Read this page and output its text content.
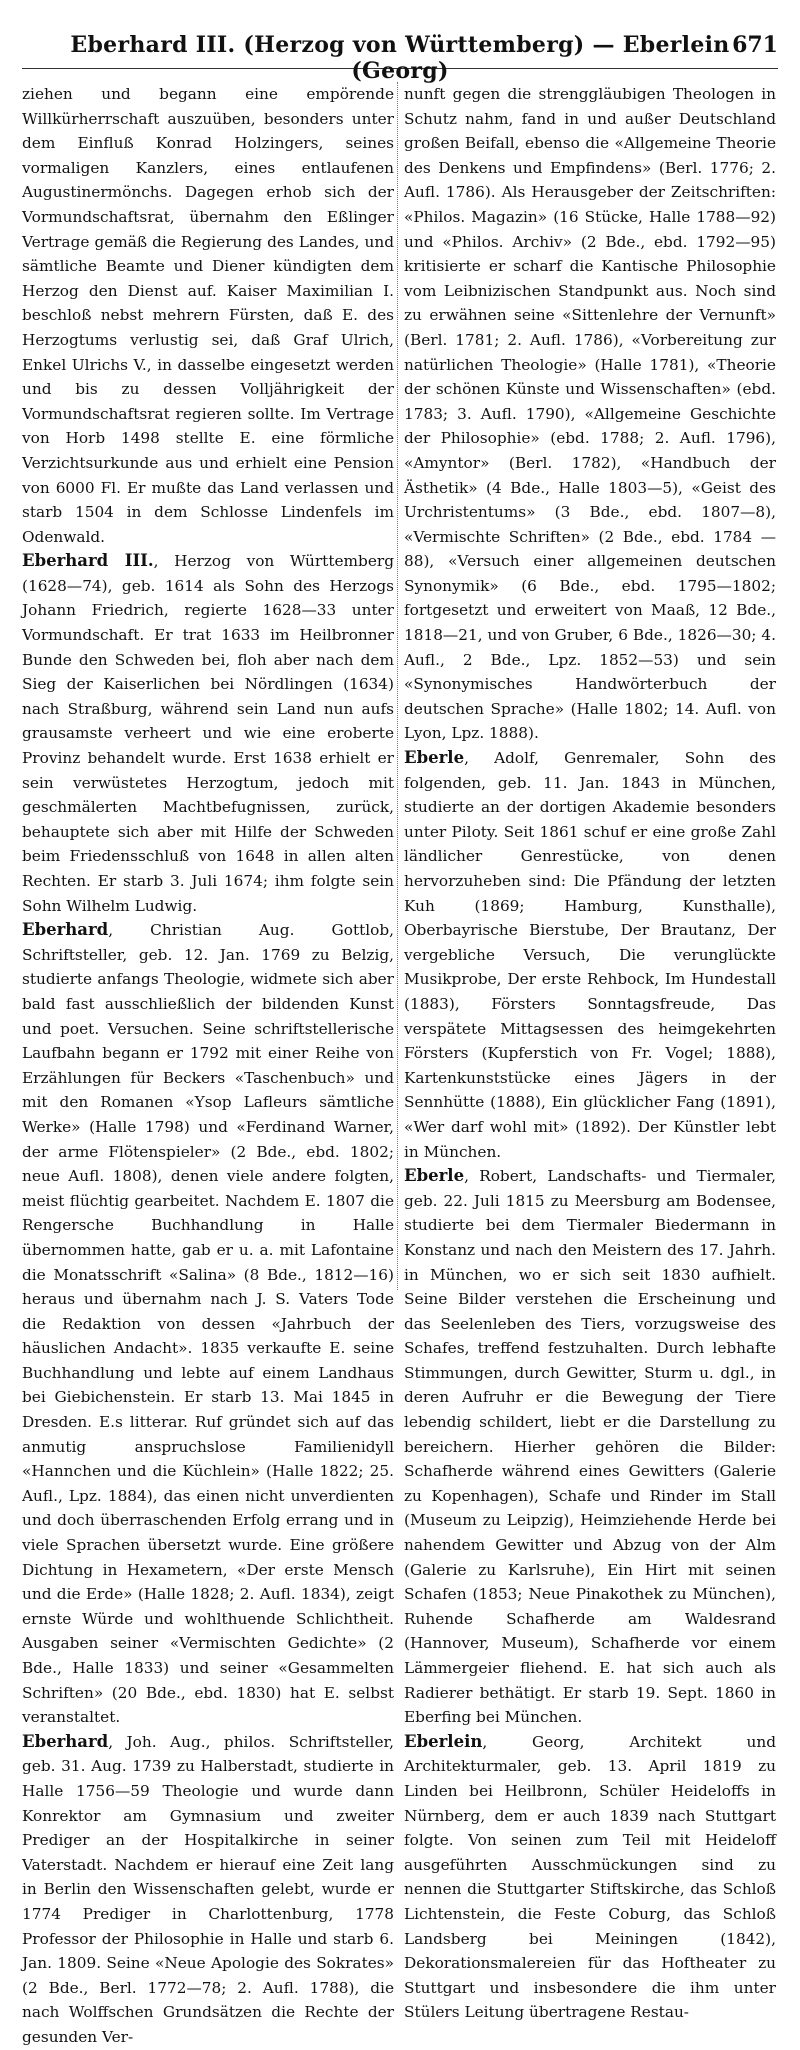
Eberhard III. (Herzog von Württemberg) — Eberlein (Georg)
671

ziehen und begann eine empörende Willkürherrschaft auszuüben, besonders unter dem Einfluß Konrad Holzingers, seines vormaligen Kanzlers, eines entlaufenen Augustinermönchs. Dagegen erhob sich der Vormundschaftsrat, übernahm den Eßlinger Vertrage gemäß die Regierung des Landes, und sämtliche Beamte und Diener kündigten dem Herzog den Dienst auf. Kaiser Maximilian I. beschloß nebst mehrern Fürsten, daß E. des Herzogtums verlustig sei, daß Graf Ulrich, Enkel Ulrichs V., in dasselbe eingesetzt werden und bis zu dessen Volljährigkeit der Vormundschaftsrat regieren sollte. Im Vertrage von Horb 1498 stellte E. eine förmliche Verzichtsurkunde aus und erhielt eine Pension von 6000 Fl. Er mußte das Land verlassen und starb 1504 in dem Schlosse Lindenfels im Odenwald.

Eberhard III., Herzog von Württemberg (1628—74), geb. 1614 als Sohn des Herzogs Johann Friedrich, regierte 1628—33 unter Vormundschaft. Er trat 1633 im Heilbronner Bunde den Schweden bei, floh aber nach dem Sieg der Kaiserlichen bei Nördlingen (1634) nach Straßburg, während sein Land nun aufs grausamste verheert und wie eine eroberte Provinz behandelt wurde. Erst 1638 erhielt er sein verwüstetes Herzogtum, jedoch mit geschmälerten Machtbefugnissen, zurück, behauptete sich aber mit Hilfe der Schweden beim Friedensschluß von 1648 in allen alten Rechten. Er starb 3. Juli 1674; ihm folgte sein Sohn Wilhelm Ludwig.

Eberhard, Christian Aug. Gottlob, Schriftsteller, geb. 12. Jan. 1769 zu Belzig, studierte anfangs Theologie, widmete sich aber bald fast ausschließlich der bildenden Kunst und poet. Versuchen. Seine schriftstellerische Laufbahn begann er 1792 mit einer Reihe von Erzählungen für Beckers «Taschenbuch» und mit den Romanen «Ysop Lafleurs sämtliche Werke» (Halle 1798) und «Ferdinand Warner, der arme Flötenspieler» (2 Bde., ebd. 1802; neue Aufl. 1808), denen viele andere folgten, meist flüchtig gearbeitet. Nachdem E. 1807 die Rengersche Buchhandlung in Halle übernommen hatte, gab er u. a. mit Lafontaine die Monatsschrift «Salina» (8 Bde., 1812—16) heraus und übernahm nach J. S. Vaters Tode die Redaktion von dessen «Jahrbuch der häuslichen Andacht». 1835 verkaufte E. seine Buchhandlung und lebte auf einem Landhaus bei Giebichenstein. Er starb 13. Mai 1845 in Dresden. E.s litterar. Ruf gründet sich auf das anmutig anspruchslose Familienidyll «Hannchen und die Küchlein» (Halle 1822; 25. Aufl., Lpz. 1884), das einen nicht unverdienten und doch überraschenden Erfolg errang und in viele Sprachen übersetzt wurde. Eine größere Dichtung in Hexametern, «Der erste Mensch und die Erde» (Halle 1828; 2. Aufl. 1834), zeigt ernste Würde und wohlthuende Schlichtheit. Ausgaben seiner «Vermischten Gedichte» (2 Bde., Halle 1833) und seiner «Gesammelten Schriften» (20 Bde., ebd. 1830) hat E. selbst veranstaltet.

Eberhard, Joh. Aug., philos. Schriftsteller, geb. 31. Aug. 1739 zu Halberstadt, studierte in Halle 1756—59 Theologie und wurde dann Konrektor am Gymnasium und zweiter Prediger an der Hospitalkirche in seiner Vaterstadt. Nachdem er hierauf eine Zeit lang in Berlin den Wissenschaften gelebt, wurde er 1774 Prediger in Charlottenburg, 1778 Professor der Philosophie in Halle und starb 6. Jan. 1809. Seine «Neue Apologie des Sokrates» (2 Bde., Berl. 1772—78; 2. Aufl. 1788), die nach Wolffschen Grundsätzen die Rechte der gesunden Ver-

nunft gegen die strenggläubigen Theologen in Schutz nahm, fand in und außer Deutschland großen Beifall, ebenso die «Allgemeine Theorie des Denkens und Empfindens» (Berl. 1776; 2. Aufl. 1786). Als Herausgeber der Zeitschriften: «Philos. Magazin» (16 Stücke, Halle 1788—92) und «Philos. Archiv» (2 Bde., ebd. 1792—95) kritisierte er scharf die Kantische Philosophie vom Leibnizischen Standpunkt aus. Noch sind zu erwähnen seine «Sittenlehre der Vernunft» (Berl. 1781; 2. Aufl. 1786), «Vorbereitung zur natürlichen Theologie» (Halle 1781), «Theorie der schönen Künste und Wissenschaften» (ebd. 1783; 3. Aufl. 1790), «Allgemeine Geschichte der Philosophie» (ebd. 1788; 2. Aufl. 1796), «Amyntor» (Berl. 1782), «Handbuch der Ästhetik» (4 Bde., Halle 1803—5), «Geist des Urchristentums» (3 Bde., ebd. 1807—8), «Vermischte Schriften» (2 Bde., ebd. 1784 —88), «Versuch einer allgemeinen deutschen Synonymik» (6 Bde., ebd. 1795—1802; fortgesetzt und erweitert von Maaß, 12 Bde., 1818—21, und von Gruber, 6 Bde., 1826—30; 4. Aufl., 2 Bde., Lpz. 1852—53) und sein «Synonymisches Handwörterbuch der deutschen Sprache» (Halle 1802; 14. Aufl. von Lyon, Lpz. 1888).

Eberle, Adolf, Genremaler, Sohn des folgenden, geb. 11. Jan. 1843 in München, studierte an der dortigen Akademie besonders unter Piloty. Seit 1861 schuf er eine große Zahl ländlicher Genrestücke, von denen hervorzuheben sind: Die Pfändung der letzten Kuh (1869; Hamburg, Kunsthalle), Oberbayrische Bierstube, Der Brautanz, Der vergebliche Versuch, Die verunglückte Musikprobe, Der erste Rehbock, Im Hundestall (1883), Försters Sonntagsfreude, Das verspätete Mittagsessen des heimgekehrten Försters (Kupferstich von Fr. Vogel; 1888), Kartenkunststücke eines Jägers in der Sennhütte (1888), Ein glücklicher Fang (1891), «Wer darf wohl mit» (1892). Der Künstler lebt in München.

Eberle, Robert, Landschafts- und Tiermaler, geb. 22. Juli 1815 zu Meersburg am Bodensee, studierte bei dem Tiermaler Biedermann in Konstanz und nach den Meistern des 17. Jahrh. in München, wo er sich seit 1830 aufhielt. Seine Bilder verstehen die Erscheinung und das Seelenleben des Tiers, vorzugsweise des Schafes, treffend festzuhalten. Durch lebhafte Stimmungen, durch Gewitter, Sturm u. dgl., in deren Aufruhr er die Bewegung der Tiere lebendig schildert, liebt er die Darstellung zu bereichern. Hierher gehören die Bilder: Schafherde während eines Gewitters (Galerie zu Kopenhagen), Schafe und Rinder im Stall (Museum zu Leipzig), Heimziehende Herde bei nahendem Gewitter und Abzug von der Alm (Galerie zu Karlsruhe), Ein Hirt mit seinen Schafen (1853; Neue Pinakothek zu München), Ruhende Schafherde am Waldesrand (Hannover, Museum), Schafherde vor einem Lämmergeier fliehend. E. hat sich auch als Radierer bethätigt. Er starb 19. Sept. 1860 in Eberfing bei München.

Eberlein, Georg, Architekt und Architekturmaler, geb. 13. April 1819 zu Linden bei Heilbronn, Schüler Heideloffs in Nürnberg, dem er auch 1839 nach Stuttgart folgte. Von seinen zum Teil mit Heideloff ausgeführten Ausschmückungen sind zu nennen die Stuttgarter Stiftskirche, das Schloß Lichtenstein, die Feste Coburg, das Schloß Landsberg bei Meiningen (1842), Dekorationsmalereien für das Hoftheater zu Stuttgart und insbesondere die ihm unter Stülers Leitung übertragene Restau-
